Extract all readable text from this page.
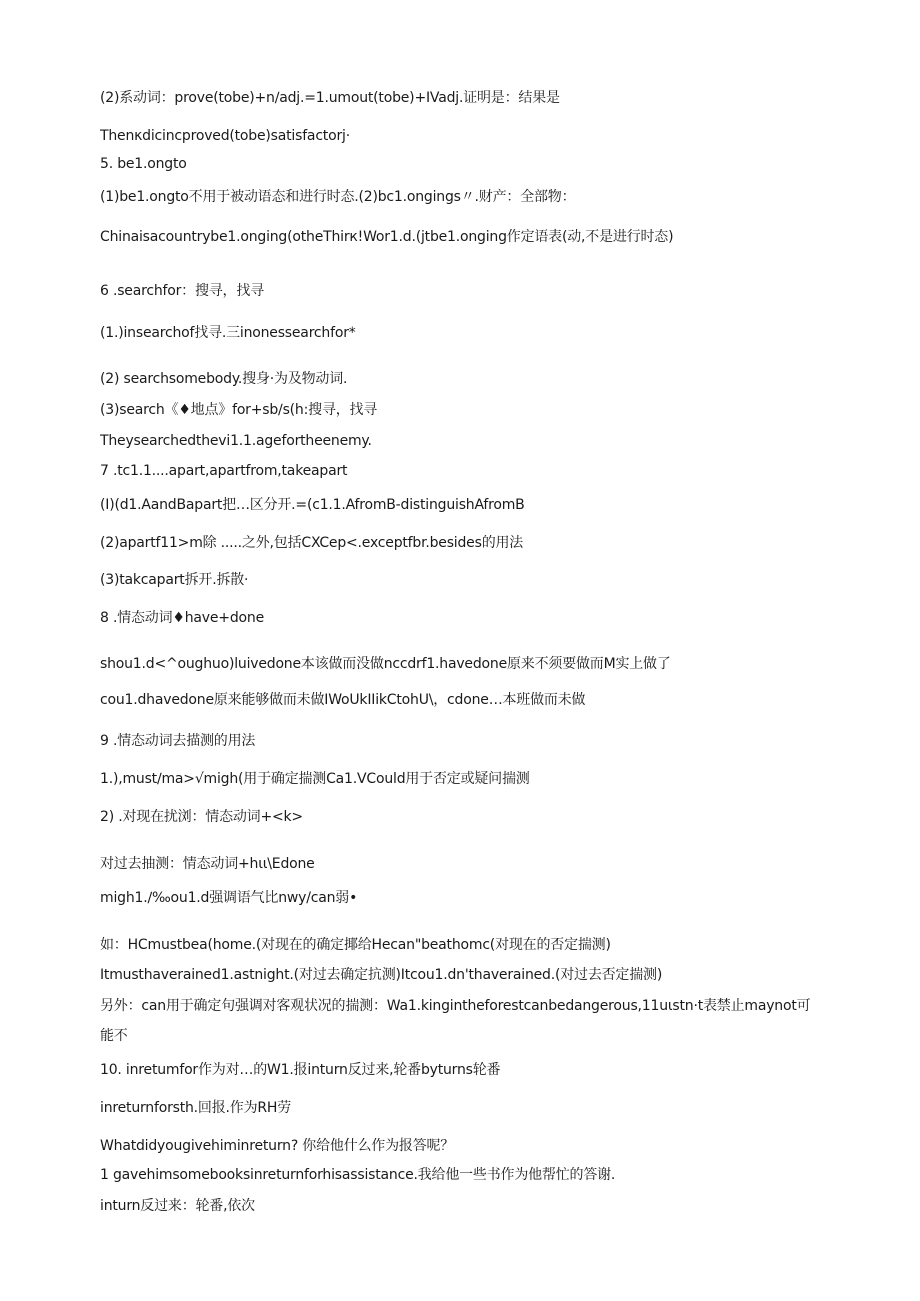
(2)系动词：prove(tobe)+n∕adj.=1.umout(tobe)+IVadj.证明是：结果是
Thenκdicincproved(tobe)satisfactorj·
5. be1.ongto
(1)be1.ongto不用于被动语态和进行时态.(2)bc1.ongings〃.财产：全部物：
Chinaisacountrybe1.onging(otheThirк!Wor1.d.(jtbe1.onging作定语表(动,不是进行时态)
6 .searchfor：搜寻，找寻
(1.)insearchof找寻.三inonessearchfor*
(2) searchsomebody.搜身·为及物动词.
(3)search《♦地点》for+sb∕s(h:搜寻，找寻
Theysearchedthevi1.1.agefortheenemy.
7 .tc1.1....apart,apartfrom,takeapart
(I)(d1.AandBapart把…区分开.=(c1.1.AfromB-distinguishAfromB
(2)apartf11>m除 .....之外,包括CXCep<.exceptfbr.besides的用法
(3)takcapart拆开.拆散·
8 .情态动词♦have+done
shou1.d<^oughuo)luivedone本该做而没做ncсdrf1.havedone原来不须要做而M实上做了
cou1.dhavedone原来能够做而未做IWoUkIIikCtohU\，cdone…本班做而未做
9 .情态动词去描测的用法
1.),must∕ma>√migh(用于确定揣测Ca1.VCould用于否定或疑问揣测
2) .对现在扰浏：情态动词+<k>
对过去抽测：情态动词+hιι\Edone
migh1.∕‰ou1.d强调语气比nwy/can弱•
如：HCmustbea(home.(对现在的确定揶给Hecan"beathomc(对现在的否定揣测)
Itmusthaverained1.astnight.(对过去确定抗测)Itcou1.dn'thaverained.(对过去否定揣测)
另外：can用于确定句强调对客观状况的揣测：Wa1.kingintheforestcanbedangerous,11uιstn·t表禁止maynot可
能不
10. inretumfor作为对…的W1.报inturn反过来,轮番byturns轮番
inreturnforsth.回报.作为RH劳
Whatdidyougivehiminreturn? 你给他什么作为报答呢？
1 gavehimsomebooksinreturnforhisassistance.我给他一些书作为他帮忙的答谢.
inturn反过来：轮番,依次
